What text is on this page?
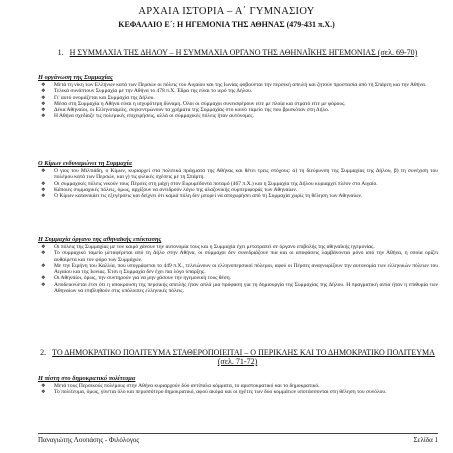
ΑΡΧΑΙΑ ΙΣΤΟΡΙΑ – Α΄ ΓΥΜΝΑΣΙΟΥ
ΚΕΦΑΛΑΙΟ Ε΄: Η ΗΓΕΜΟΝΙΑ ΤΗΣ ΑΘΗΝΑΣ (479-431 π.Χ.)
1. Η ΣΥΜΜΑΧΙΑ ΤΗΣ ΔΗΛΟΥ – Η ΣΥΜΜΑΧΙΑ ΟΡΓΑΝΟ ΤΗΣ ΑΘΗΝΑΪΚΗΣ ΗΓΕΜΟΝΙΑΣ (σελ. 69-70)
Η οργάνωση της Συμμαχίας
❖ Μετά τη νίκη των Ελλήνων κατά των Περσών οι πόλεις του Αιγαίου και της Ιωνίας φοβούνται την περσική απειλή και ζητούν προστασία από τη Σπάρτη και την Αθήνα.
❖ Τελικά συνάπτουν Συμμαχία με την Αθήνα το 478 π.Χ. Έδρα της είναι το ιερό της Δήλου.
❖ Γι' αυτό ονομάζεται και Συμμαχία της Δήλου.
❖ Μέσα στη Συμμαχία η Αθήνα είναι η ισχυρότερη δύναμη. Όλοι οι σύμμαχοι συνεισφέρουν είτε με πλοία και στρατό είτε με φόρους.
❖ Δέκα Αθηναίοι, οι Ελληνοταμίες, συγκεντρώνουν τα χρήματα της Συμμαχίας στο κοινό ταμείο της που βρισκόταν στη Δήλο.
❖ Η Αθήνα σχεδίαζε τις πολεμικές επιχειρήσεις, αλλά οι σύμμαχικές πόλεις ήταν αυτόνομες.
Ο Κίμων ενδυναμώνει τη Συμμαχία
❖ Ο γιος του Μιλτιάδη, ο Κίμων, κυριαρχεί στα πολιτικά πράγματα της Αθήνας και θέτει τρεις στόχους: α) τη διεύρυνση της Συμμαχίας της Δήλου, β) τη συνέχιση του πολέμου κατά των Περσών, και γ) τις φιλικές σχέσεις με τη Σπάρτη.
❖ Οι συμμαχικές πόλεις νικούν τους Πέρσες στη μάχη στον Ευρυμέδοντα ποταμό (467 π.Χ.) και η Συμμαχία της Δήλου κυριαρχεί πλέον στο Αιγαίο.
❖ Κάποιες συμμαχικές πόλεις, όμως, αρχίζουν να αντιδρούν λόγω της αλαζονικής συμπεριφοράς των Αθηναίων.
❖ Ο Κίμων κατανικάει τις εξεγέρσεις και δείχνει ότι καμιά πόλη δεν μπορεί να αποχωρήσει από τη Συμμαχία χωρίς τη θέληση των Αθηναίων.
Η Συμμαχία όργανο της αθηναϊκής επέκτασης
❖ Οι πόλεις της Συμμαχίας με τον καιρό χάνουν την αυτονομία τους και η Συμμαχία έχει μετατραπεί σε όργανο επιβολής της αθηναϊκής ηγεμονίας.
❖ Το συμμαχικό ταμείο μεταφέρεται από τη Δήλο στην Αθήνα, οι σύμμαχοι δεν συνεδριάζουν πια και οι αποφάσεις λαμβάνονται μόνο από την Αθήνα, η οποία ορίζει αυθαίρετα και τον φόρο των Συμμάχων.
❖ Με την Ειρήνη του Καλλία, που υπογράφεται το 449 π.Χ., τελειώνουν οι ελληνοπερσικοί πόλεμοι, αφού οι Πέρσες αναγνωρίζουν την αυτονομία των ελληνικών πόλεων του Αιγαίου και της Ιωνίας. Έτσι η Συμμαχία δεν έχει πια λόγο ύπαρξης.
❖ Οι Αθηναίοι, όμως, την συντηρούν για να μην χάσουν την ηγεμονική τους θέση.
❖ Αποδεικνύεται έτσι ότι η αποκρουση της περσικής απειλής ήταν απλά μια πρόφαση για τη δημιουργία της Συμμαχίας της Δήλου. Η πραγματική αιτία ήταν η επιθυμία των Αθηναίων να επιβληθούν στις υπόλοιπες ελληνικές πόλεις.
2. ΤΟ ΔΗΜΟΚΡΑΤΙΚΟ ΠΟΛΙΤΕΥΜΑ ΣΤΑΘΕΡΟΠΟΙΕΙΤΑΙ – Ο ΠΕΡΙΚΛΗΣ ΚΑΙ ΤΟ ΔΗΜΟΚΡΑΤΙΚΟ ΠΟΛΙΤΕΥΜΑ (σελ. 71-72)
Η πίστη στο δημοκρατικό πολίτευμα
❖ Μετά τους Περσικούς πολέμους στην Αθήνα κυριαρχούν δύο αντίπαλα κόμματα, το αριστοκρατικό και το δημοκρατικό.
❖ Το πολίτευμα, όμως, γίνεται όλο και περισσότερο δημοκρατικό, αφού ακόμα και οι ηγέτες των δύο κομμάτων υποτάσσονται στη θέληση του συνόλου.
Παναγιώτης Λουπάσης - Φιλόλογος	Σελίδα 1
